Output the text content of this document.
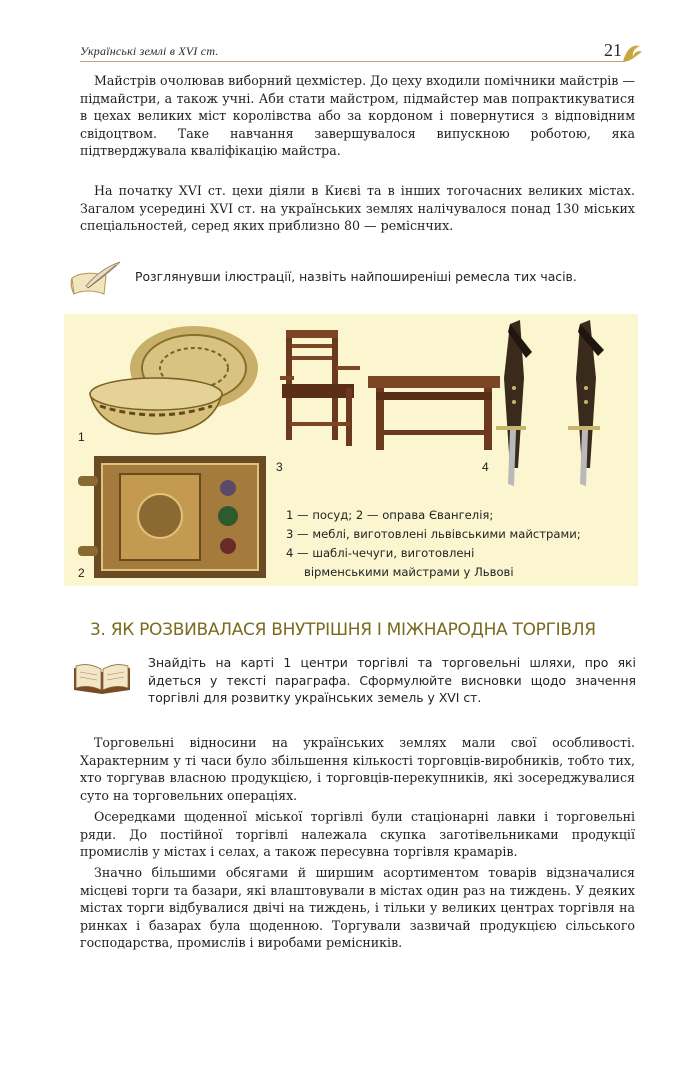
Українські землі в XVI ст.	21

Майстрів очолював виборний цехмістер. До цеху входили помічники майстрів — підмайстри, а також учні. Аби стати майстром, підмайстер мав попрактикуватися в цехах великих міст королівства або за кордоном і повернутися з відповідним свідоцтвом. Таке навчання завершувалося випускною роботою, яка підтверджувала кваліфікацію майстра.

На початку XVI ст. цехи діяли в Києві та в інших тогочасних великих містах. Загалом усередині XVI ст. на українських землях налічувалося понад 130 міських спеціальностей, серед яких приблизно 80 — реміснчих.

Розглянувши ілюстрації, назвіть найпоширеніші ремесла тих часів.

1
3	4
2
1 — посуд; 2 — оправа Євангелія;
3 — меблі, виготовлені львівськими майстрами;
4 — шаблі-чечуги, виготовлені
вірменськими майстрами у Львові
3. ЯК РОЗВИВАЛАСЯ ВНУТРІШНЯ І МІЖНАРОДНА ТОРГІВЛЯ

Знайдіть на карті 1 центри торгівлі та торговельні шляхи, про які йдеться у тексті параграфа. Сформулюйте висновки щодо значення торгівлі для розвитку українських земель у XVI ст.

Торговельні відносини на українських землях мали свої особливості. Характерним у ті часи було збільшення кількості торговців-виробників, тобто тих, хто торгував власною продукцією, і торговців-перекупників, які зосереджувалися суто на торговельних операціях.

Осередками щоденної міської торгівлі були стаціонарні лавки і торговельні ряди. До постійної торгівлі належала скупка заготівельниками продукції промислів у містах і селах, а також пересувна торгівля крамарів.

Значно більшими обсягами й ширшим асортиментом товарів відзначалися місцеві торги та базари, які влаштовували в містах один раз на тиждень. У деяких містах торги відбувалися двічі на тиждень, і тільки у великих центрах торгівля на ринках і базарах була щоденною. Торгували зазвичай продукцією сільського господарства, промислів і виробами ремісників.
